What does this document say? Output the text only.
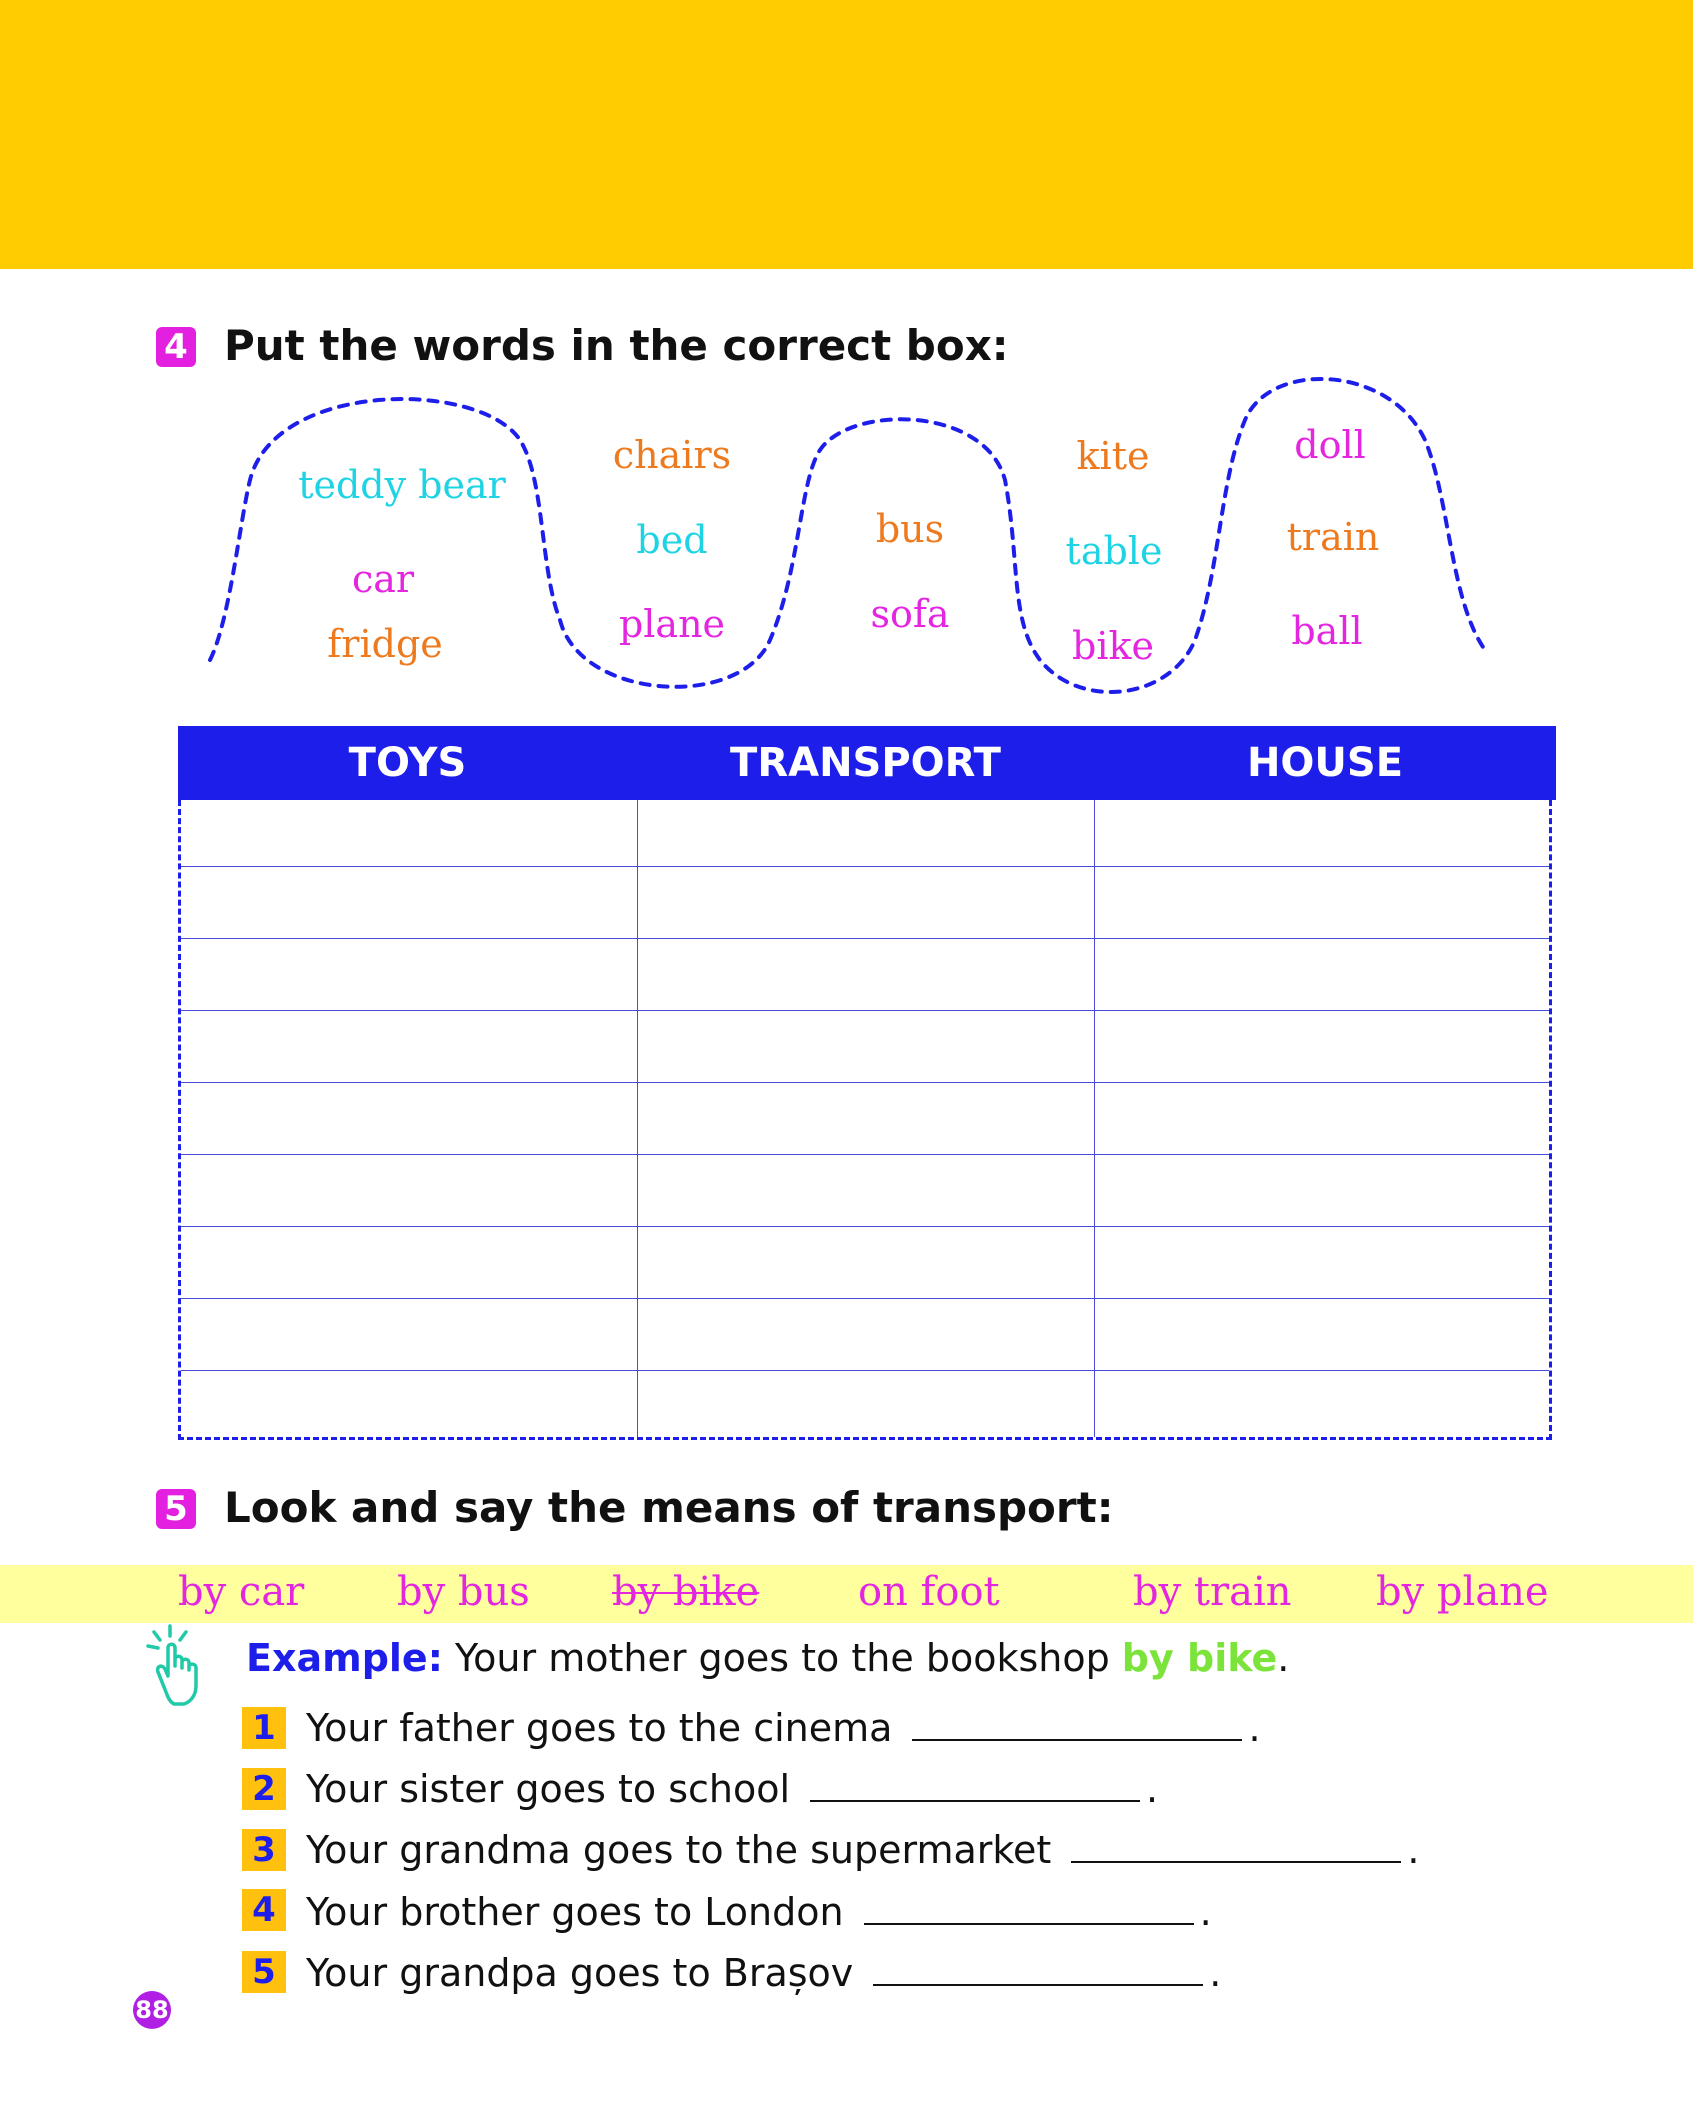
4 Put the words in the correct box:
teddy bear
car
fridge
chairs
bed
plane
bus
sofa
kite
table
bike
doll
train
ball
TOYS	TRANSPORT	HOUSE
5 Look and say the means of transport:
by car by bus by bike on foot	by train by plane
Example: Your mother goes to the bookshop by bike.
1 Your father goes to the cinema	.
2 Your sister goes to school	.
3 Your grandma goes to the supermarket	.
4 Your brother goes to London	.
5 Your grandpa goes to Brașov	.
88
